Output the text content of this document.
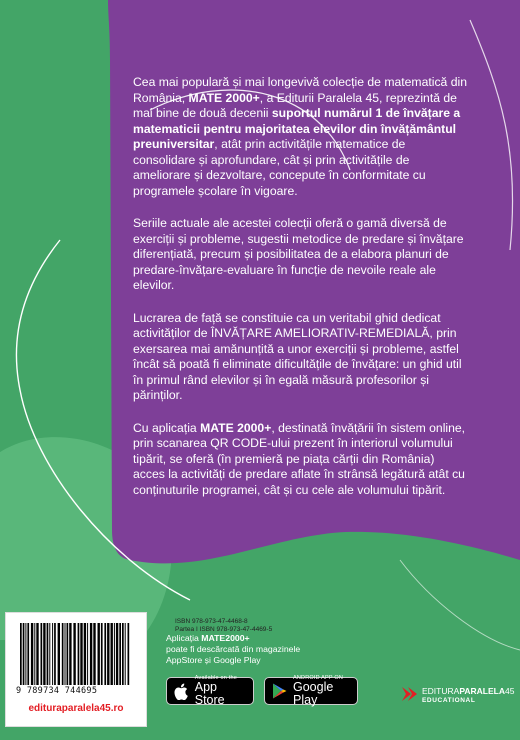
Cea mai populară și mai longevivă colecție de matematică din România, MATE 2000+, a Editurii Paralela 45, reprezintă de mai bine de două decenii suportul numărul 1 de învățare a matematicii pentru majoritatea elevilor din învățământul preuniversitar, atât prin activitățile matematice de consolidare și aprofundare, cât și prin activitățile de ameliorare și dezvoltare, concepute în conformitate cu programele școlare în vigoare.

Seriile actuale ale acestei colecții oferă o gamă diversă de exerciții și probleme, sugestii metodice de predare și învățare diferențiată, precum și posibilitatea de a elabora planuri de predare-învățare-evaluare în funcție de nevoile reale ale elevilor.

Lucrarea de față se constituie ca un veritabil ghid dedicat activităților de ÎNVĂȚARE AMELIORATIV-REMEDIALĂ, prin exersarea mai amănunțită a unor exerciții și probleme, astfel încât să poată fi eliminate dificultățile de învățare: un ghid util în primul rând elevilor și în egală măsură profesorilor și părinților.

Cu aplicația MATE 2000+, destinată învățării în sistem online, prin scanarea QR CODE-ului prezent în interiorul volumului tipărit, se oferă (în premieră pe piața cărții din România) acces la activități de predare aflate în strânsă legătură atât cu conținuturile programei, cât și cu cele ale volumului tipărit.

9 789734 744695
edituraparalela45.ro
ISBN 978-973-47-4468-8
Partea I ISBN 978-973-47-4469-5
Aplicația MATE2000+
poate fi descărcată din magazinele
AppStore și Google Play
Available on the
App Store
ANDROID APP ON
Google Play
EDITURAPARALELA45
EDUCATIONAL
